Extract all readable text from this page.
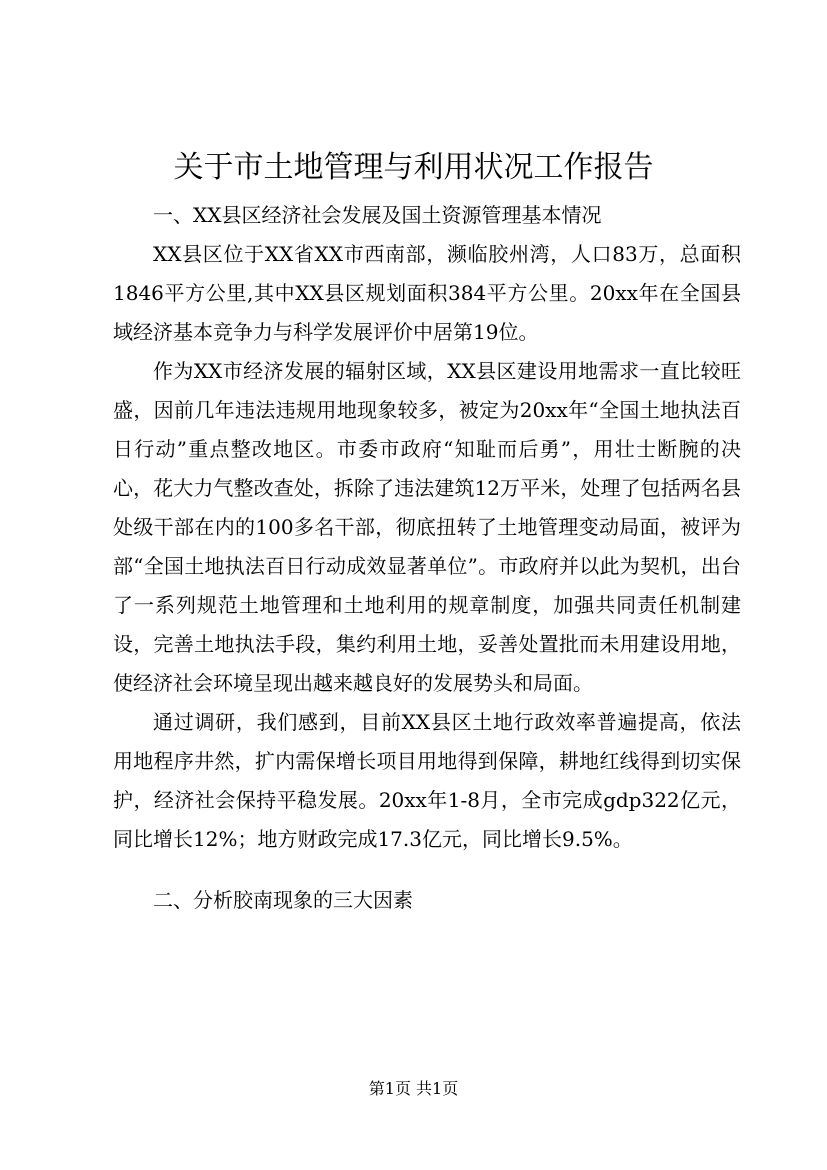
关于市土地管理与利用状况工作报告

一、XX县区经济社会发展及国土资源管理基本情况

XX县区位于XX省XX市西南部，濒临胶州湾，人口83万，总面积1846平方公里,其中XX县区规划面积384平方公里。20xx年在全国县域经济基本竞争力与科学发展评价中居第19位。

作为XX市经济发展的辐射区域，XX县区建设用地需求一直比较旺盛，因前几年违法违规用地现象较多，被定为20xx年“全国土地执法百日行动”重点整改地区。市委市政府“知耻而后勇”，用壮士断腕的决心，花大力气整改查处，拆除了违法建筑12万平米，处理了包括两名县处级干部在内的100多名干部，彻底扭转了土地管理变动局面，被评为部“全国土地执法百日行动成效显著单位”。市政府并以此为契机，出台了一系列规范土地管理和土地利用的规章制度，加强共同责任机制建设，完善土地执法手段，集约利用土地，妥善处置批而未用建设用地，使经济社会环境呈现出越来越良好的发展势头和局面。

通过调研，我们感到，目前XX县区土地行政效率普遍提高，依法用地程序井然，扩内需保增长项目用地得到保障，耕地红线得到切实保护，经济社会保持平稳发展。20xx年1-8月，全市完成gdp322亿元，同比增长12%；地方财政完成17.3亿元，同比增长9.5%。

二、分析胶南现象的三大因素

第1页 共1页
